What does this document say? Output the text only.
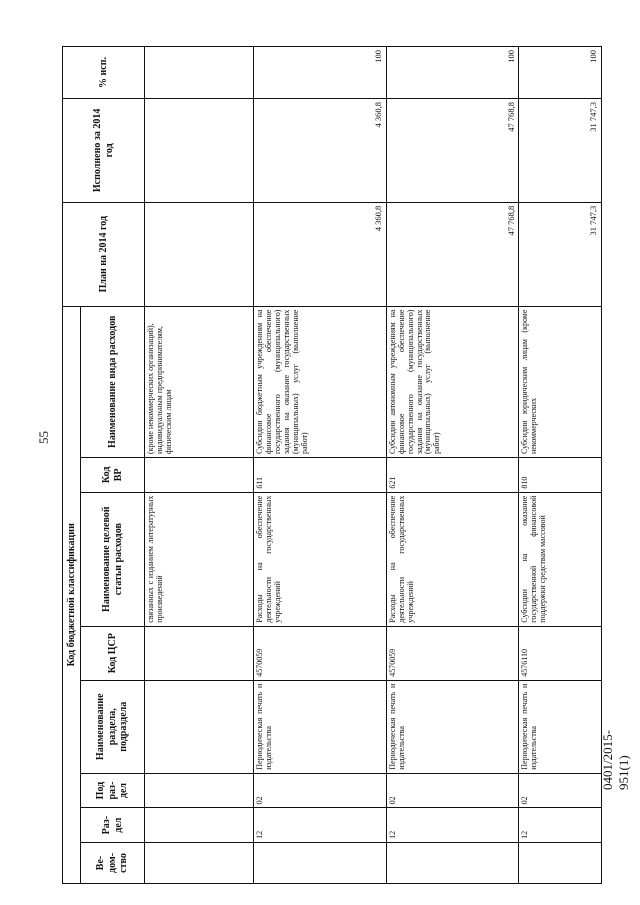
55
0401/2015-951(1)
Код бюджетной классификации								План на 2014 год	Исполнено за 2014 год	% исп.
Ве-дом-ство	Раз-дел	Под раз-дел	Наименование раздела, подраздела	Код ЦСР	Наименование целевой статьи расходов	Код ВР	Наименование вида расходов			
					связанных с изданием литературных произведений		(кроме некоммерческих организаций), индивидуальным предпринимателям, физическим лицам			
	12	02	Периодическая печать и издательства	4570059	Расходы на обеспечение деятельности государственных учреждений	611	Субсидии бюджетным учреждениям на финансовое обеспечение государственного (муниципального) задания на оказание государственных (муниципальных) услуг (выполнение работ)	4 360,8	4 360,8	100
	12	02	Периодическая печать и издательства	4570059	Расходы на обеспечение деятельности государственных учреждений	621	Субсидии автономным учреждениям на финансовое обеспечение государственного (муниципального) задания на оказание государственных (муниципальных) услуг (выполнение работ)	47 768,8	47 768,8	100
	12	02	Периодическая печать и издательства	4576110	Субсидии на оказание государственной финансовой поддержки средствам массовой	810	Субсидии юридическим лицам (кроме некоммерческих	31 747,3	31 747,3	100
